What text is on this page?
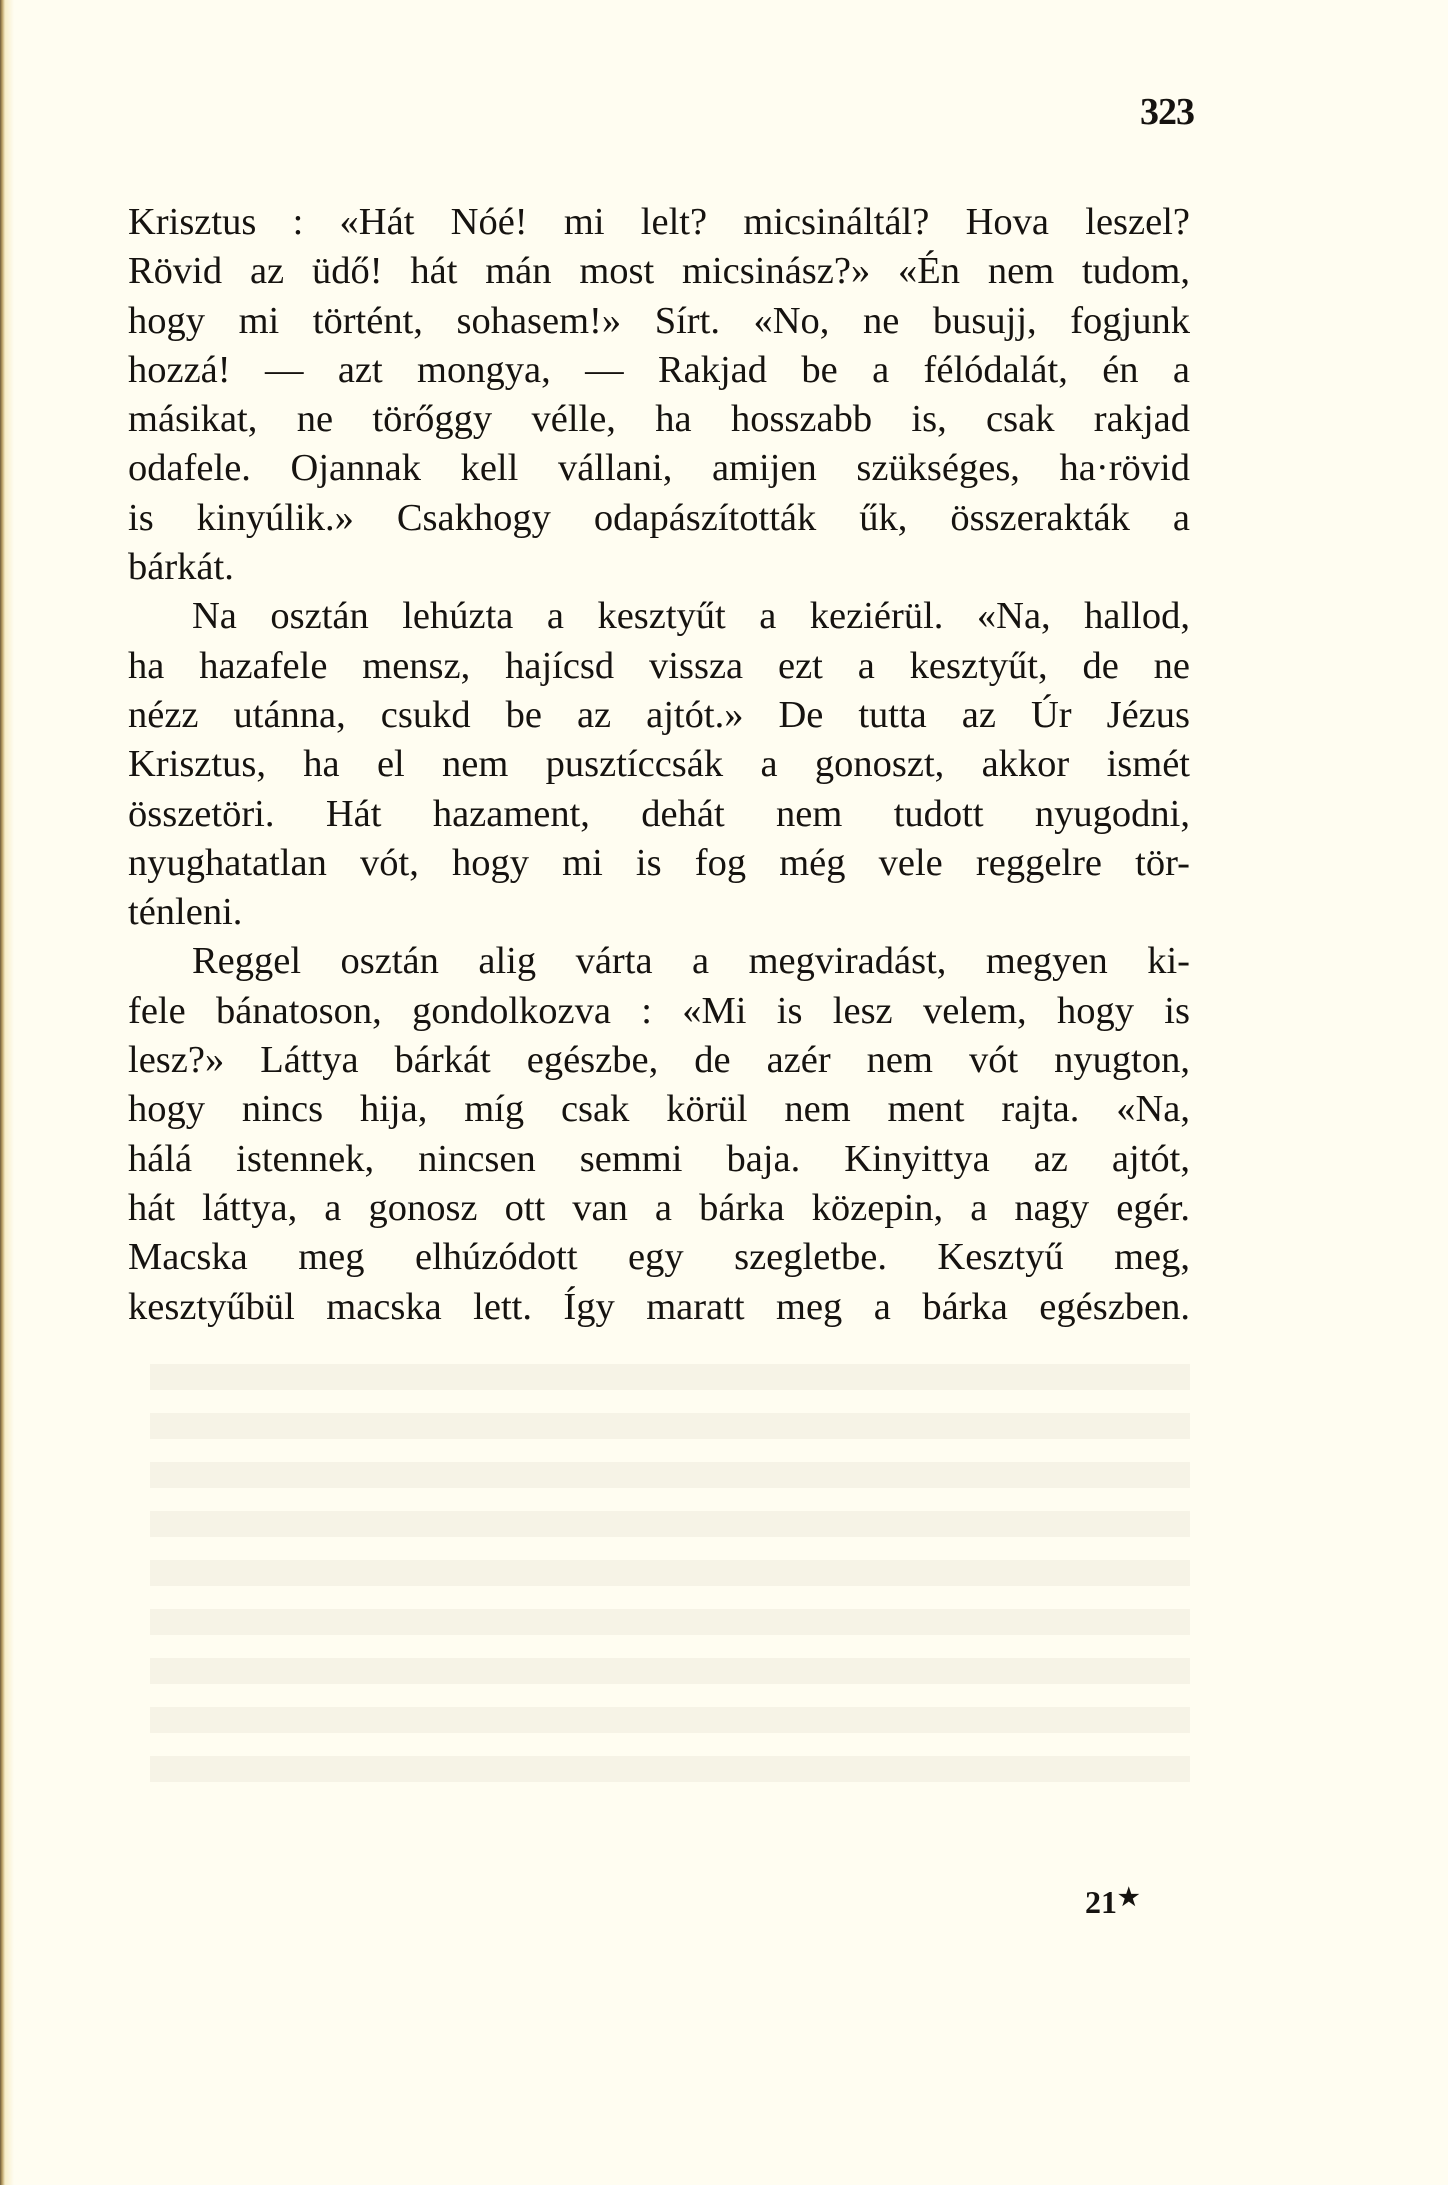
323
Krisztus : «Hát Nóé! mi lelt? micsináltál? Hova leszel?
Rövid az üdő! hát mán most micsinász?» «Én nem tudom,
hogy mi történt, sohasem!» Sírt. «No, ne busujj, fogjunk
hozzá! — azt mongya, — Rakjad be a félódalát, én a
másikat, ne törőggy vélle, ha hosszabb is, csak rakjad
odafele. Ojannak kell vállani, amijen szükséges, ha·rövid
is kinyúlik.» Csakhogy odapászították űk, összerakták a
bárkát.
Na osztán lehúzta a kesztyűt a keziérül. «Na, hallod,
ha hazafele mensz, hajícsd vissza ezt a kesztyűt, de ne
nézz utánna, csukd be az ajtót.» De tutta az Úr Jézus
Krisztus, ha el nem pusztíccsák a gonoszt, akkor ismét
összetöri. Hát hazament, dehát nem tudott nyugodni,
nyughatatlan vót, hogy mi is fog még vele reggelre tör-
ténleni.
Reggel osztán alig várta a megviradást, megyen ki-
fele bánatoson, gondolkozva : «Mi is lesz velem, hogy is
lesz?» Láttya bárkát egészbe, de azér nem vót nyugton,
hogy nincs hija, míg csak körül nem ment rajta. «Na,
hálá istennek, nincsen semmi baja. Kinyittya az ajtót,
hát láttya, a gonosz ott van a bárka közepin, a nagy egér.
Macska meg elhúzódott egy szegletbe. Kesztyű meg,
kesztyűbül macska lett. Így maratt meg a bárka egészben.
21★
